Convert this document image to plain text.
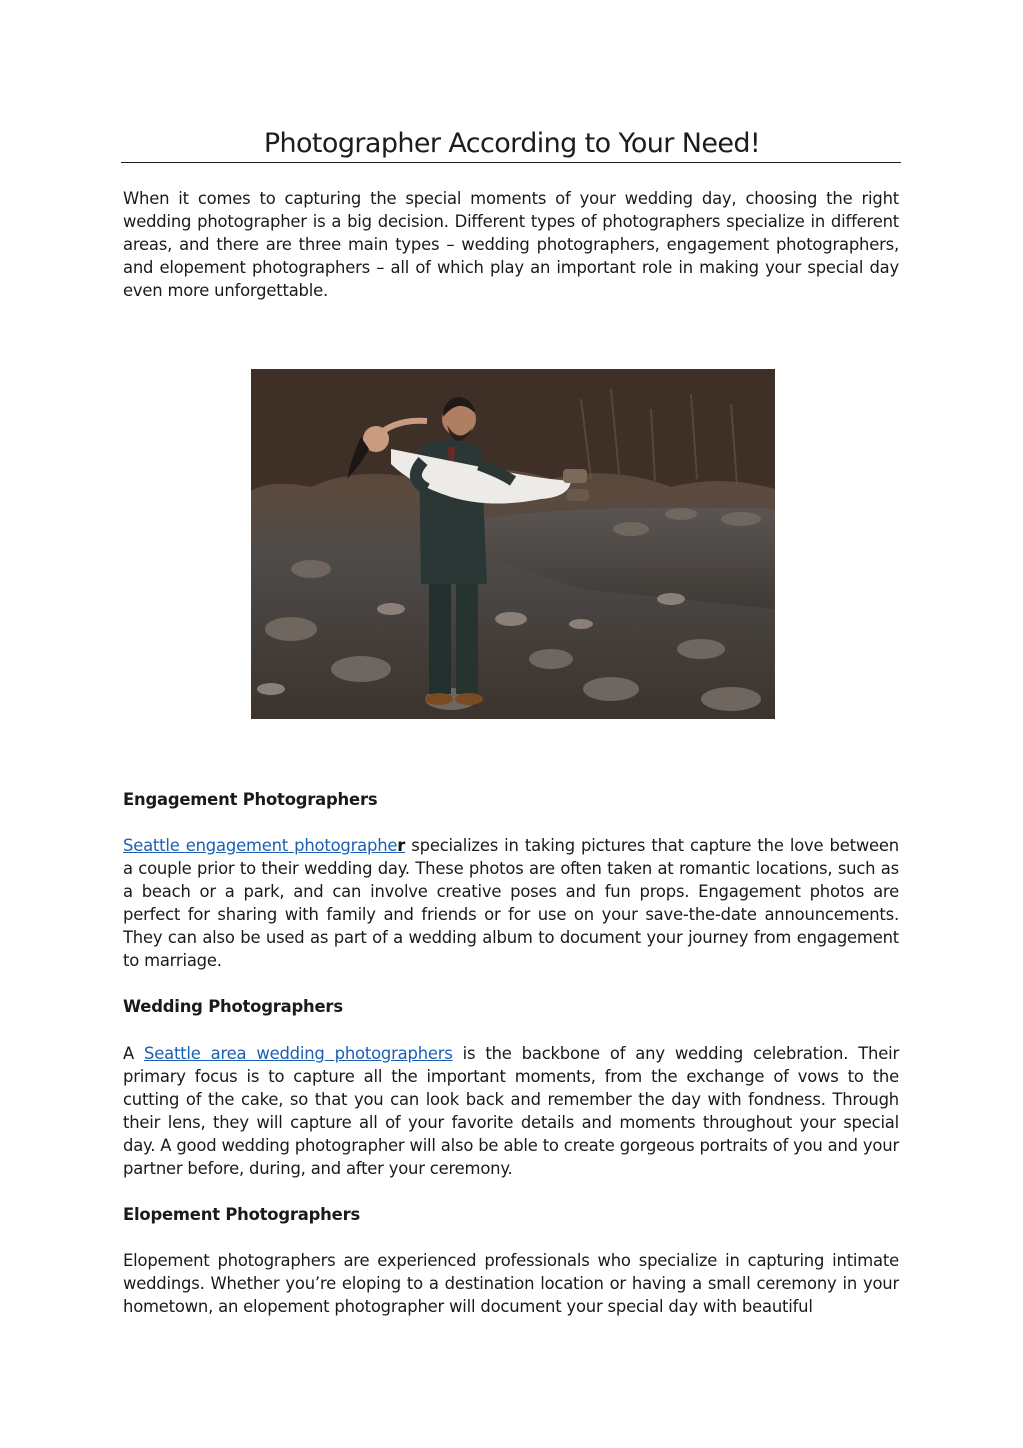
Photographer According to Your Need!

When it comes to capturing the special moments of your wedding day, choosing the right wedding photographer is a big decision. Different types of photographers specialize in different areas, and there are three main types – wedding photographers, engagement photographers, and elopement photographers – all of which play an important role in making your special day even more unforgettable.

Engagement Photographers

Seattle engagement photographer specializes in taking pictures that capture the love between a couple prior to their wedding day. These photos are often taken at romantic locations, such as a beach or a park, and can involve creative poses and fun props. Engagement photos are perfect for sharing with family and friends or for use on your save-the-date announcements. They can also be used as part of a wedding album to document your journey from engagement to marriage.

Wedding Photographers

A Seattle area wedding photographers is the backbone of any wedding celebration. Their primary focus is to capture all the important moments, from the exchange of vows to the cutting of the cake, so that you can look back and remember the day with fondness. Through their lens, they will capture all of your favorite details and moments throughout your special day. A good wedding photographer will also be able to create gorgeous portraits of you and your partner before, during, and after your ceremony.

Elopement Photographers

Elopement photographers are experienced professionals who specialize in capturing intimate weddings. Whether you’re eloping to a destination location or having a small ceremony in your hometown, an elopement photographer will document your special day with beautiful
